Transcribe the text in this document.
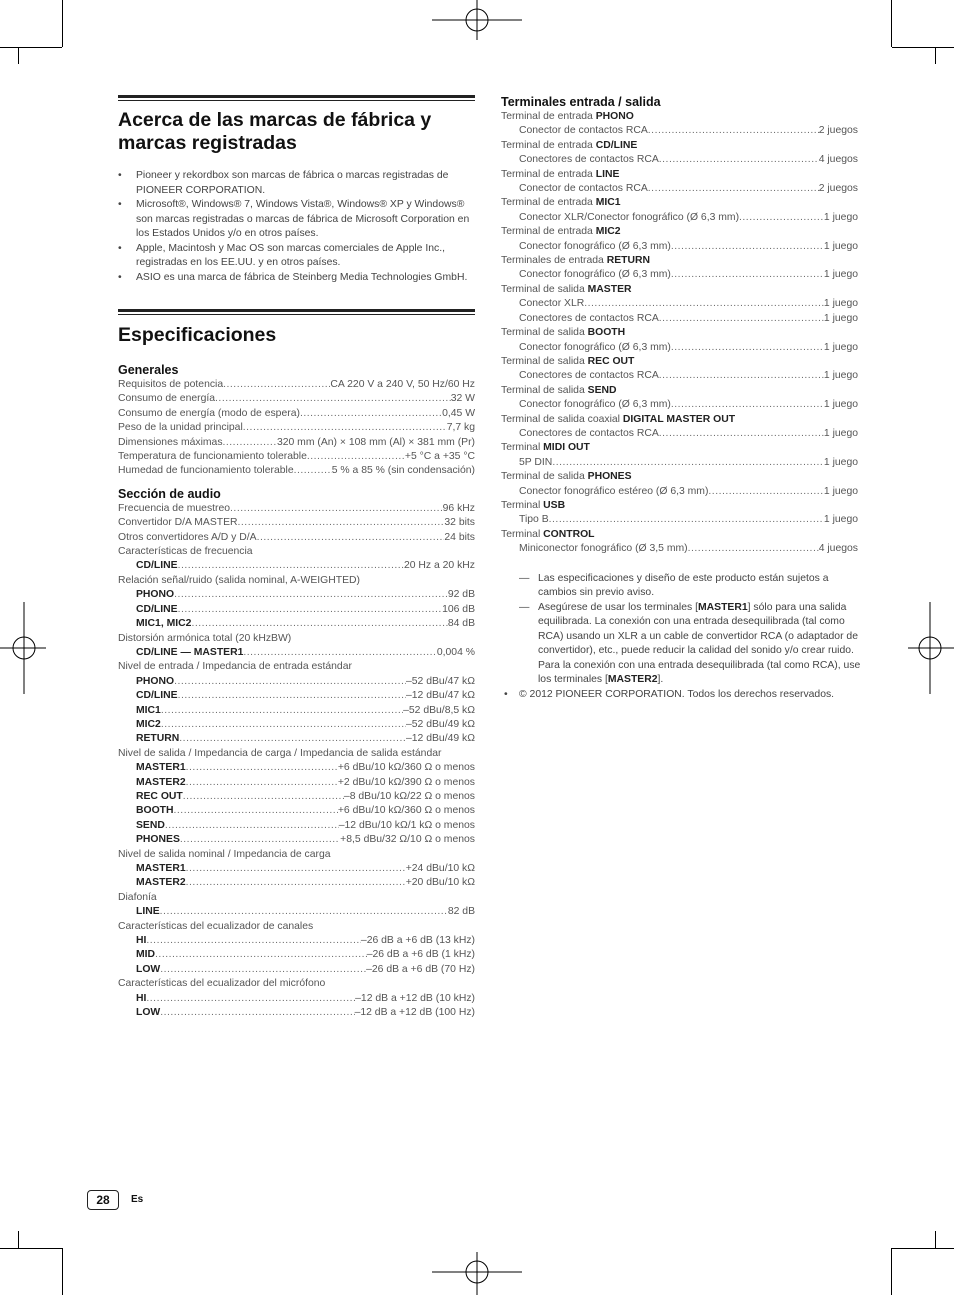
Acerca de las marcas de fábrica y marcas registradas
• Pioneer y rekordbox son marcas de fábrica o marcas registradas de PIONEER CORPORATION.
• Microsoft®, Windows® 7, Windows Vista®, Windows® XP y Windows® son marcas registradas o marcas de fábrica de Microsoft Corporation en los Estados Unidos y/o en otros países.
• Apple, Macintosh y Mac OS son marcas comerciales de Apple Inc., registradas en los EE.UU. y en otros países.
• ASIO es una marca de fábrica de Steinberg Media Technologies GmbH.
Especificaciones
Generales
Requisitos de potencia .....	CA 220 V a 240 V, 50 Hz/60 Hz
Consumo de energía .....	32 W
Consumo de energía (modo de espera) .....	0,45 W
Peso de la unidad principal .....	7,7 kg
Dimensiones máximas .....	320 mm (An) × 108 mm (Al) × 381 mm (Pr)
Temperatura de funcionamiento tolerable .....	+5 °C a +35 °C
Humedad de funcionamiento tolerable .....	5 % a 85 % (sin condensación)
Sección de audio
Frecuencia de muestreo .....	96 kHz
Convertidor D/A MASTER .....	32 bits
Otros convertidores A/D y D/A .....	24 bits
Características de frecuencia
CD/LINE .....	20 Hz a 20 kHz
Relación señal/ruido (salida nominal, A-WEIGHTED)
PHONO .....	92 dB
CD/LINE .....	106 dB
MIC1, MIC2 .....	84 dB
Distorsión armónica total (20 kHzBW)
CD/LINE — MASTER1 .....	0,004 %
Nivel de entrada / Impedancia de entrada estándar
PHONO .....	–52 dBu/47 kΩ
CD/LINE .....	–12 dBu/47 kΩ
MIC1 .....	–52 dBu/8,5 kΩ
MIC2 .....	–52 dBu/49 kΩ
RETURN .....	–12 dBu/49 kΩ
Nivel de salida / Impedancia de carga / Impedancia de salida estándar
MASTER1 .....	+6 dBu/10 kΩ/360 Ω o menos
MASTER2 .....	+2 dBu/10 kΩ/390 Ω o menos
REC OUT .....	–8 dBu/10 kΩ/22 Ω o menos
BOOTH .....	+6 dBu/10 kΩ/360 Ω o menos
SEND .....	–12 dBu/10 kΩ/1 kΩ o menos
PHONES .....	+8,5 dBu/32 Ω/10 Ω o menos
Nivel de salida nominal / Impedancia de carga
MASTER1 .....	+24 dBu/10 kΩ
MASTER2 .....	+20 dBu/10 kΩ
Diafonía
LINE .....	82 dB
Características del ecualizador de canales
HI .....	–26 dB a +6 dB (13 kHz)
MID .....	–26 dB a +6 dB (1 kHz)
LOW .....	–26 dB a +6 dB (70 Hz)
Características del ecualizador del micrófono
HI .....	–12 dB a +12 dB (10 kHz)
LOW .....	–12 dB a +12 dB (100 Hz)
Terminales entrada / salida
Terminal de entrada PHONO
Conector de contactos RCA .....	2 juegos
Terminal de entrada CD/LINE
Conectores de contactos RCA .....	4 juegos
Terminal de entrada LINE
Conector de contactos RCA .....	2 juegos
Terminal de entrada MIC1
Conector XLR/Conector fonográfico (Ø 6,3 mm) .....	1 juego
Terminal de entrada MIC2
Conector fonográfico (Ø 6,3 mm) .....	1 juego
Terminales de entrada RETURN
Conector fonográfico (Ø 6,3 mm) .....	1 juego
Terminal de salida MASTER
Conector XLR .....	1 juego
Conectores de contactos RCA .....	1 juego
Terminal de salida BOOTH
Conector fonográfico (Ø 6,3 mm) .....	1 juego
Terminal de salida REC OUT
Conectores de contactos RCA .....	1 juego
Terminal de salida SEND
Conector fonográfico (Ø 6,3 mm) .....	1 juego
Terminal de salida coaxial DIGITAL MASTER OUT
Conectores de contactos RCA .....	1 juego
Terminal MIDI OUT
5P DIN .....	1 juego
Terminal de salida PHONES
Conector fonográfico estéreo (Ø 6,3 mm) .....	1 juego
Terminal USB
Tipo B .....	1 juego
Terminal CONTROL
Miniconector fonográfico (Ø 3,5 mm) .....	4 juegos
— Las especificaciones y diseño de este producto están sujetos a cambios sin previo aviso.
— Asegúrese de usar los terminales [MASTER1] sólo para una salida equilibrada. La conexión con una entrada desequilibrada (tal como RCA) usando un XLR a un cable de convertidor RCA (o adaptador de convertidor), etc., puede reducir la calidad del sonido y/o crear ruido.
Para la conexión con una entrada desequilibrada (tal como RCA), use los terminales [MASTER2].
• © 2012 PIONEER CORPORATION. Todos los derechos reservados.
28	Es
